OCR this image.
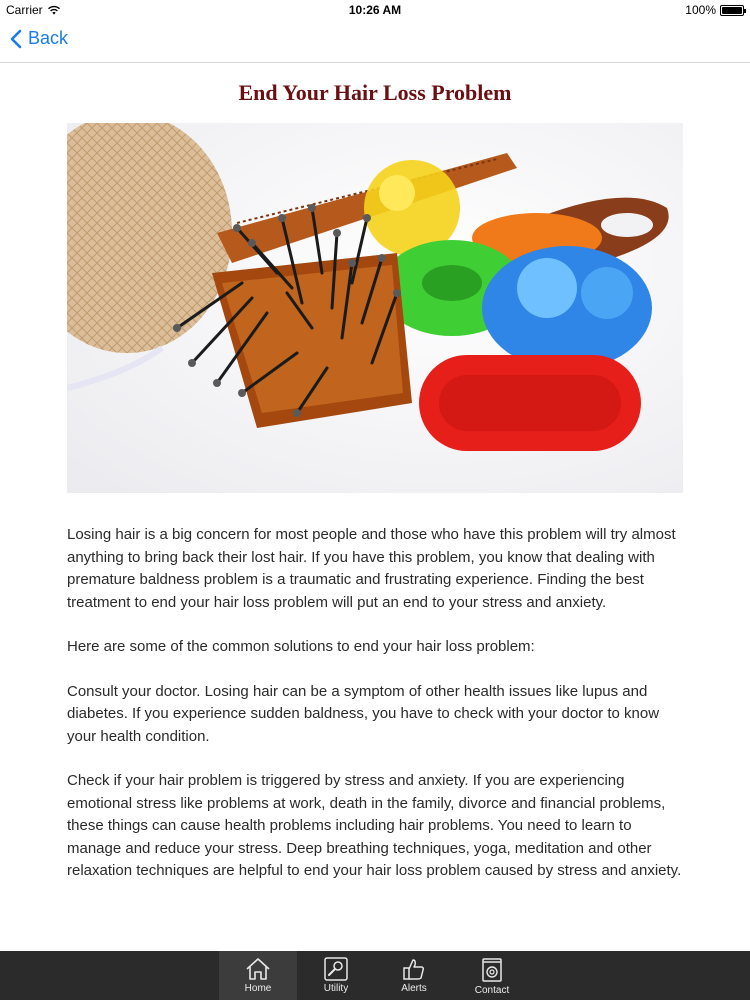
Carrier	10:26 AM	100%
Back
End Your Hair Loss Problem

Losing hair is a big concern for most people and those who have this problem will try almost anything to bring back their lost hair. If you have this problem, you know that dealing with premature baldness problem is a traumatic and frustrating experience. Finding the best treatment to end your hair loss problem will put an end to your stress and anxiety.

Here are some of the common solutions to end your hair loss problem:

Consult your doctor. Losing hair can be a symptom of other health issues like lupus and diabetes. If you experience sudden baldness, you have to check with your doctor to know your health condition.

Check if your hair problem is triggered by stress and anxiety. If you are experiencing emotional stress like problems at work, death in the family, divorce and financial problems, these things can cause health problems including hair problems. You need to learn to manage and reduce your stress. Deep breathing techniques, yoga, meditation and other relaxation techniques are helpful to end your hair loss problem caused by stress and anxiety.

Home	Utility	Alerts	Contact
